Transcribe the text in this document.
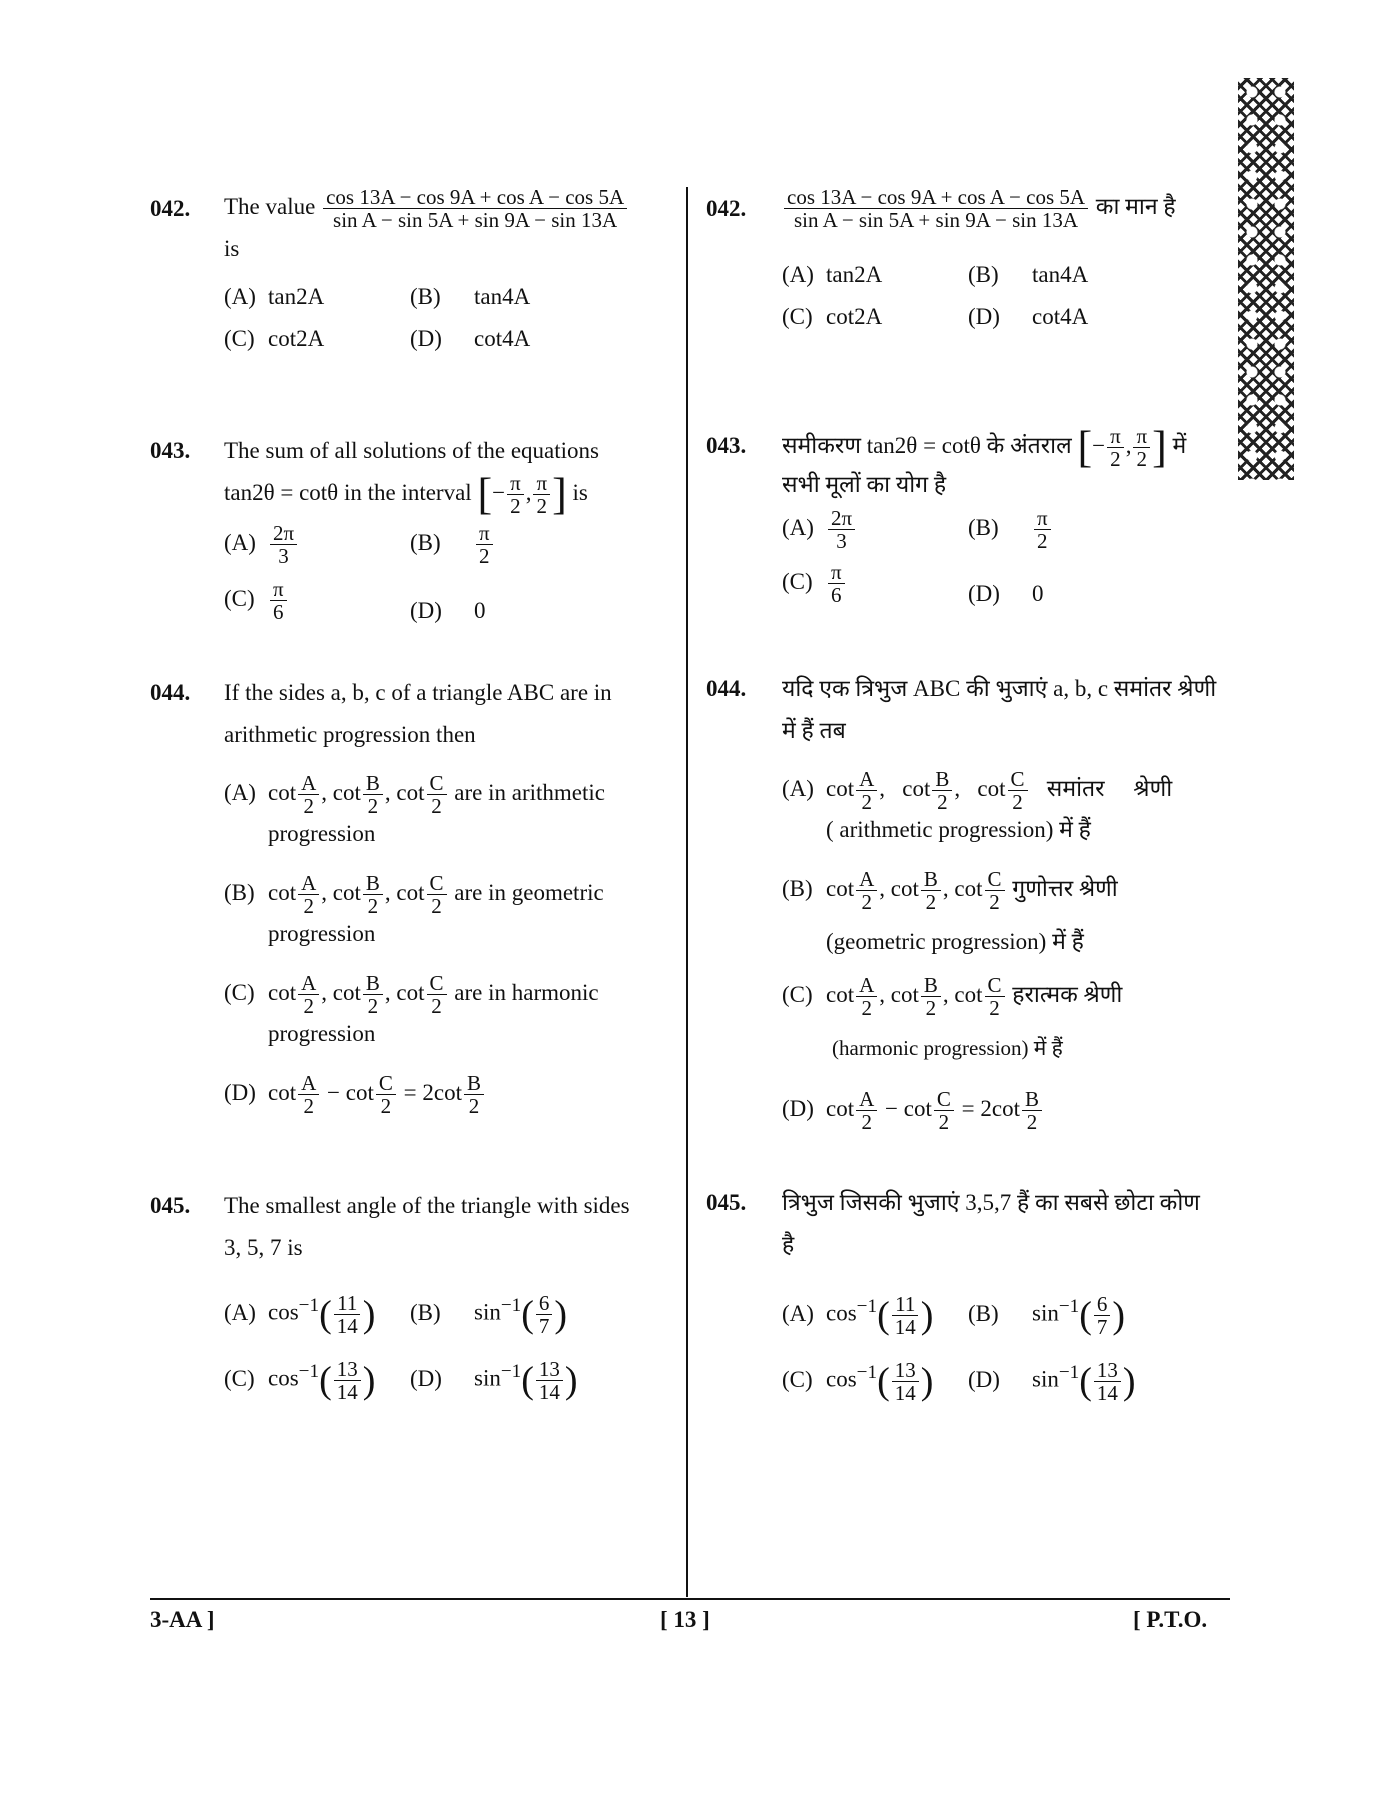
042. The value $\frac{\text{cos 13A − cos 9A + cos A − cos 5A}}{\text{sin A − sin 5A + sin 9A − sin 13A}}$
is
(A) tan2A	(B) tan4A
(C) cot2A	(D) cot4A
043. The sum of all solutions of the equations
tan2θ = cotθ in the interval [− $\frac{\pi}{2}$ , $\frac{\pi}{2}$ ] is
$(A) \frac{2\pi}{3}$	$(B) \frac{\pi}{2}$
$(C) \frac{\pi}{6}$	(D) 0
044. If the sides a, b, c of a triangle ABC are in
arithmetic progression then
(A) $\cot \frac{A}{2}$ , $\cot \frac{B}{2}$ , $\cot \frac{C}{2}$ are in arithmetic
progression
(B) $\cot \frac{A}{2}$ , $\cot \frac{B}{2}$ , $\cot \frac{C}{2}$ are in geometric
progression
(C) $\cot \frac{A}{2}$ , $\cot \frac{B}{2}$ , $\cot \frac{C}{2}$ are in harmonic
progression
(D) $\cot \frac{A}{2} - \cot \frac{C}{2} = 2\cot \frac{B}{2}$
045. The smallest angle of the triangle with sides
3, 5, 7 is
(A) $\cos^{-1}( \frac{11}{14}$ ) (B) $\sin^{-1}( \frac{6}{7}$ )
(C) $\cos^{-1}( \frac{13}{14}$ ) (D) $\sin^{-1}( \frac{13}{14}$ )
042. $\frac{\text{cos 13A − cos 9A + cos A − cos 5A}}{\text{sin A − sin 5A + sin 9A − sin 13A}}$ का मान है
(A) tan2A	(B) tan4A
(C) cot2A	(D) cot4A
043. समीकरण tan2θ = cotθ के अंतराल [− $\frac{\pi}{2}$ , $\frac{\pi}{2}$ ] में
सभी मूलों का योग है
$(A) \frac{2\pi}{3}$	$(B) \frac{\pi}{2}$
$(C) \frac{\pi}{6}$	(D) 0
044. यदि एक त्रिभुज ABC की भुजाएं a, b, c समांतर श्रेणी
में हैं तब
(A) $\cot \frac{A}{2}$ , $\cot \frac{B}{2}$ , $\cot \frac{C}{2}$ समांतर     श्रेणी
( arithmetic progression) में हैं
(B) $\cot \frac{A}{2}$ , $\cot \frac{B}{2}$ , $\cot \frac{C}{2}$ गुणोत्तर श्रेणी
(geometric progression) में हैं
(C) $\cot \frac{A}{2}$ , $\cot \frac{B}{2}$ , $\cot \frac{C}{2}$ हरात्मक श्रेणी
(harmonic progression) में हैं
(D) $\cot \frac{A}{2} - \cot \frac{C}{2} = 2\cot \frac{B}{2}$
045. त्रिभुज जिसकी भुजाएं 3,5,7 हैं का सबसे छोटा कोण
है
(A) $\cos^{-1}( \frac{11}{14}$ ) (B) $\sin^{-1}( \frac{6}{7}$ )
(C) $\cos^{-1}( \frac{13}{14}$ ) (D) $\sin^{-1}( \frac{13}{14}$ )
3-AA ]	[ 13 ]	[ P.T.O.
